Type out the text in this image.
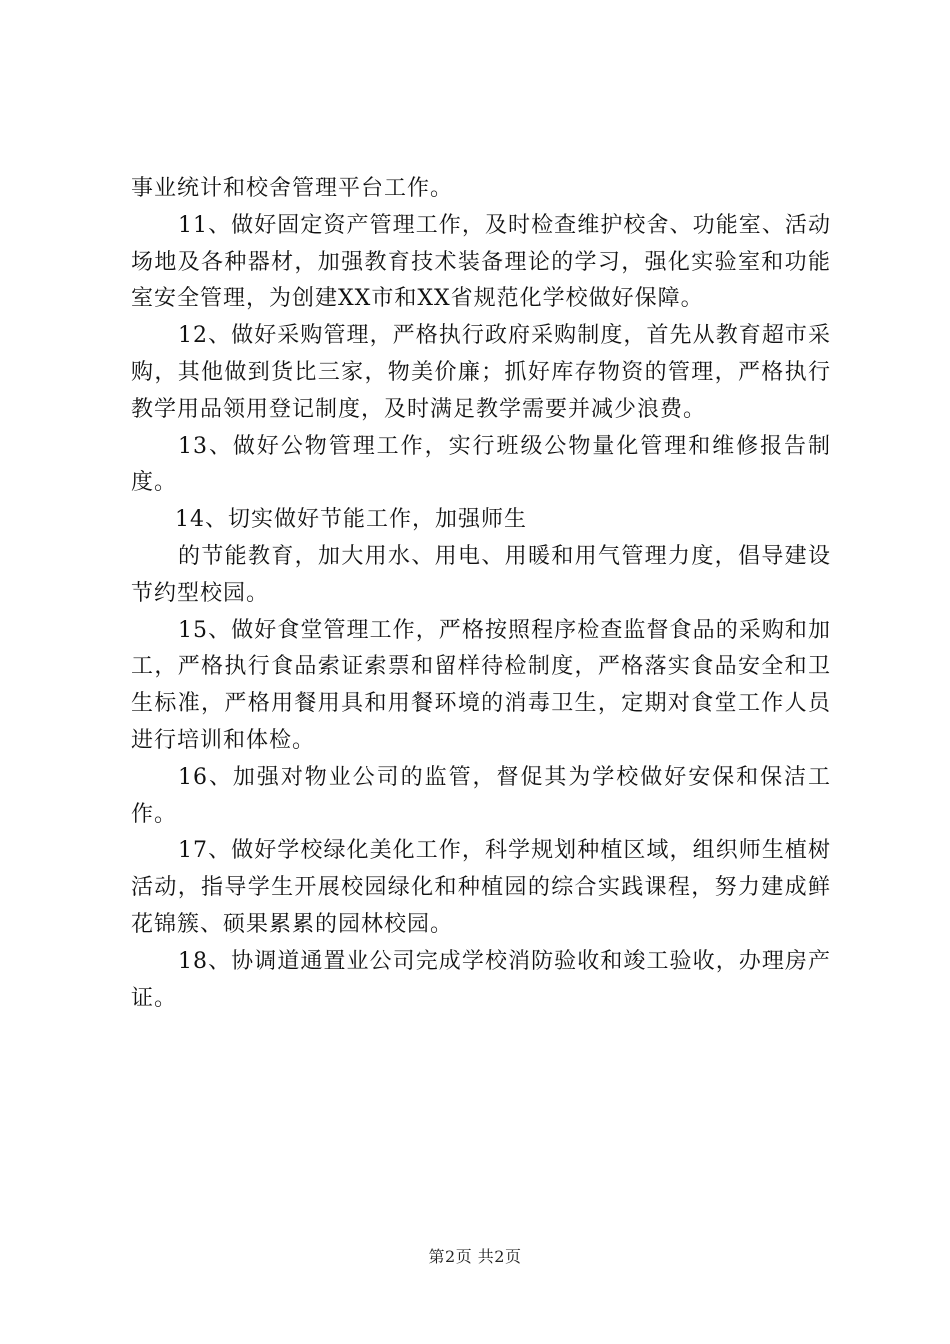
事业统计和校舍管理平台工作。

11、做好固定资产管理工作，及时检查维护校舍、功能室、活动场地及各种器材，加强教育技术装备理论的学习，强化实验室和功能室安全管理，为创建XX市和XX省规范化学校做好保障。

12、做好采购管理，严格执行政府采购制度，首先从教育超市采购，其他做到货比三家，物美价廉；抓好库存物资的管理，严格执行教学用品领用登记制度，及时满足教学需要并减少浪费。

13、做好公物管理工作，实行班级公物量化管理和维修报告制度。

14、切实做好节能工作，加强师生

的节能教育，加大用水、用电、用暖和用气管理力度，倡导建设节约型校园。

15、做好食堂管理工作，严格按照程序检查监督食品的采购和加工，严格执行食品索证索票和留样待检制度，严格落实食品安全和卫生标准，严格用餐用具和用餐环境的消毒卫生，定期对食堂工作人员进行培训和体检。

16、加强对物业公司的监管，督促其为学校做好安保和保洁工作。

17、做好学校绿化美化工作，科学规划种植区域，组织师生植树活动，指导学生开展校园绿化和种植园的综合实践课程，努力建成鲜花锦簇、硕果累累的园林校园。

18、协调道通置业公司完成学校消防验收和竣工验收，办理房产证。

第2页 共2页
